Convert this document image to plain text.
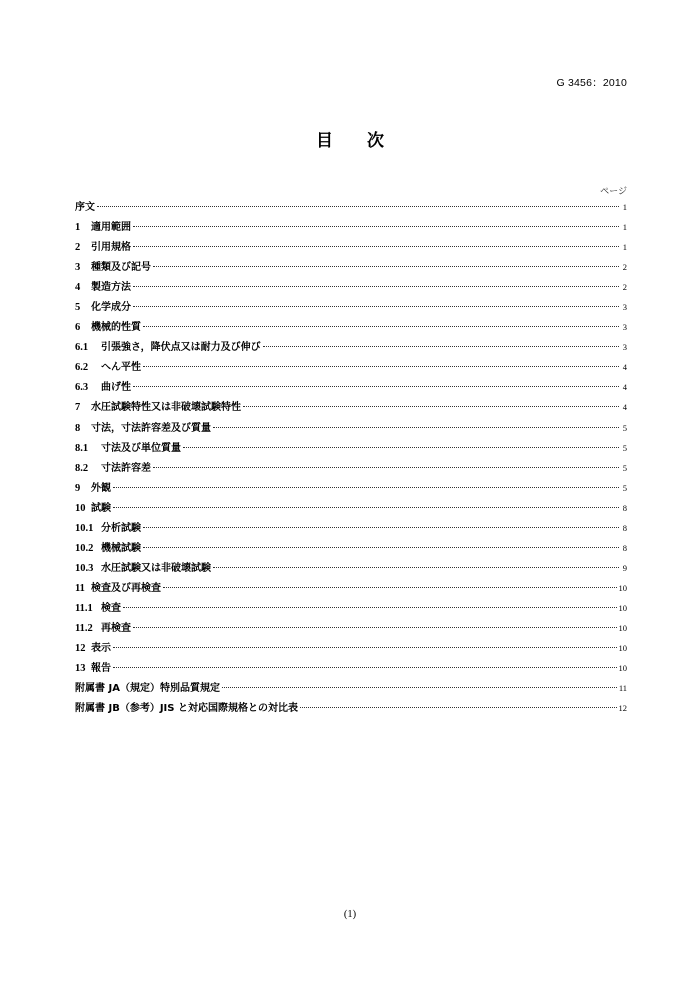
G 3456：2010
目 次
ページ
序文	1
1	適用範囲	1
2	引用規格	1
3	種類及び記号	2
4	製造方法	2
5	化学成分	3
6	機械的性質	3
6.1	引張強さ，降伏点又は耐力及び伸び	3
6.2	へん平性	4
6.3	曲げ性	4
7	水圧試験特性又は非破壊試験特性	4
8	寸法，寸法許容差及び質量	5
8.1	寸法及び単位質量	5
8.2	寸法許容差	5
9	外観	5
10 試験	8
10.1 分析試験	8
10.2 機械試験	8
10.3 水圧試験又は非破壊試験	9
11 検査及び再検査	10
11.1 検査	10
11.2 再検査	10
12 表示	10
13 報告	10
附属書 JA（規定）特別品質規定	11
附属書 JB（参考）JIS と対応国際規格との対比表	12
(1)
